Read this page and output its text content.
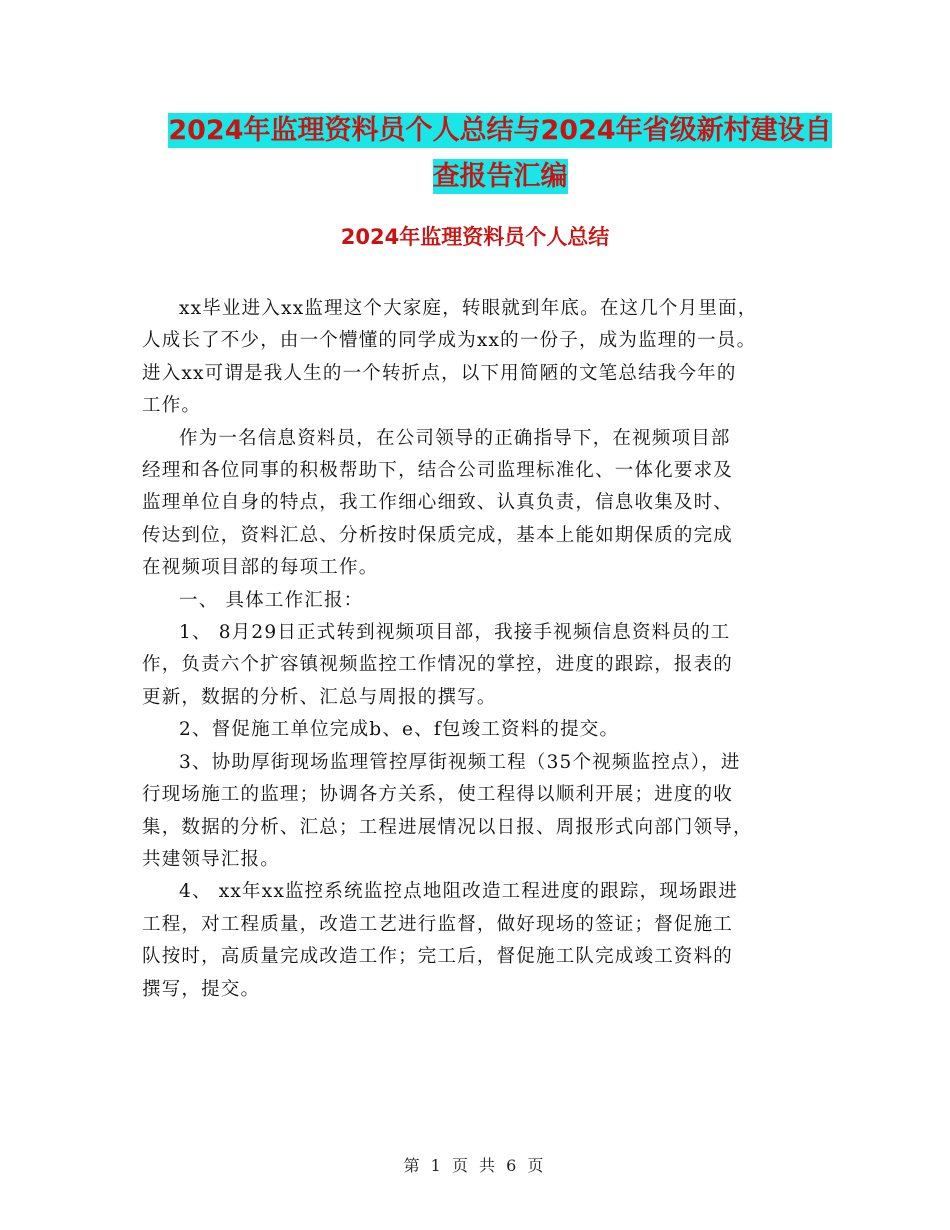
2024年监理资料员个人总结与2024年省级新村建设自
查报告汇编
2024年监理资料员个人总结

xx毕业进入xx监理这个大家庭，转眼就到年底。在这几个月里面，
人成长了不少，由一个懵懂的同学成为xx的一份子，成为监理的一员。
进入xx可谓是我人生的一个转折点，以下用简陋的文笔总结我今年的
工作。

作为一名信息资料员，在公司领导的正确指导下，在视频项目部
经理和各位同事的积极帮助下，结合公司监理标准化、一体化要求及
监理单位自身的特点，我工作细心细致、认真负责，信息收集及时、
传达到位，资料汇总、分析按时保质完成，基本上能如期保质的完成
在视频项目部的每项工作。

一、 具体工作汇报：

1、 8月29日正式转到视频项目部，我接手视频信息资料员的工
作，负责六个扩容镇视频监控工作情况的掌控，进度的跟踪，报表的
更新，数据的分析、汇总与周报的撰写。

2、督促施工单位完成b、e、f包竣工资料的提交。

3、协助厚街现场监理管控厚街视频工程（35个视频监控点），进
行现场施工的监理；协调各方关系，使工程得以顺利开展；进度的收
集，数据的分析、汇总；工程进展情况以日报、周报形式向部门领导，
共建领导汇报。

4、 xx年xx监控系统监控点地阻改造工程进度的跟踪，现场跟进
工程，对工程质量，改造工艺进行监督，做好现场的签证；督促施工
队按时，高质量完成改造工作；完工后，督促施工队完成竣工资料的
撰写，提交。

第 1 页 共 6 页
